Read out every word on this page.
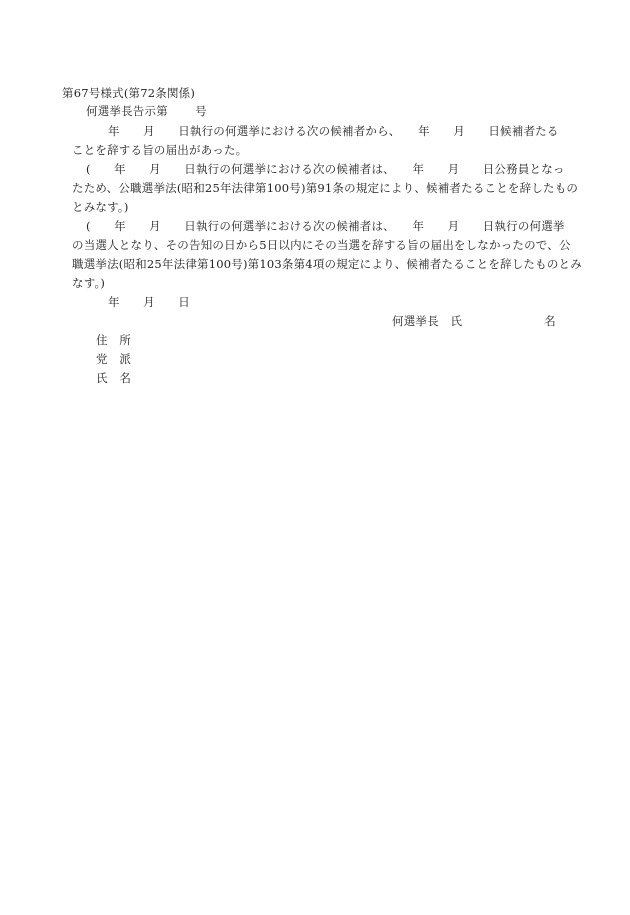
第67号様式(第72条関係)
何選挙長告示第　　 号
年　　月　　日執行の何選挙における次の候補者から、　　年　　月　　日候補者たる
ことを辞する旨の届出があった。
(　　年　　月　　日執行の何選挙における次の候補者は、　　年　　月　　日公務員となっ
たため、公職選挙法(昭和25年法律第100号)第91条の規定により、候補者たることを辞したもの
とみなす。)
(　　年　　月　　日執行の何選挙における次の候補者は、　　年　　月　　日執行の何選挙
の当選人となり、その告知の日から5日以内にその当選を辞する旨の届出をしなかったので、公
職選挙法(昭和25年法律第100号)第103条第4項の規定により、候補者たることを辞したものとみ
なす。)
年　　月　　日
何選挙長　氏　　　　　　　名
住　所
党　派
氏　名
